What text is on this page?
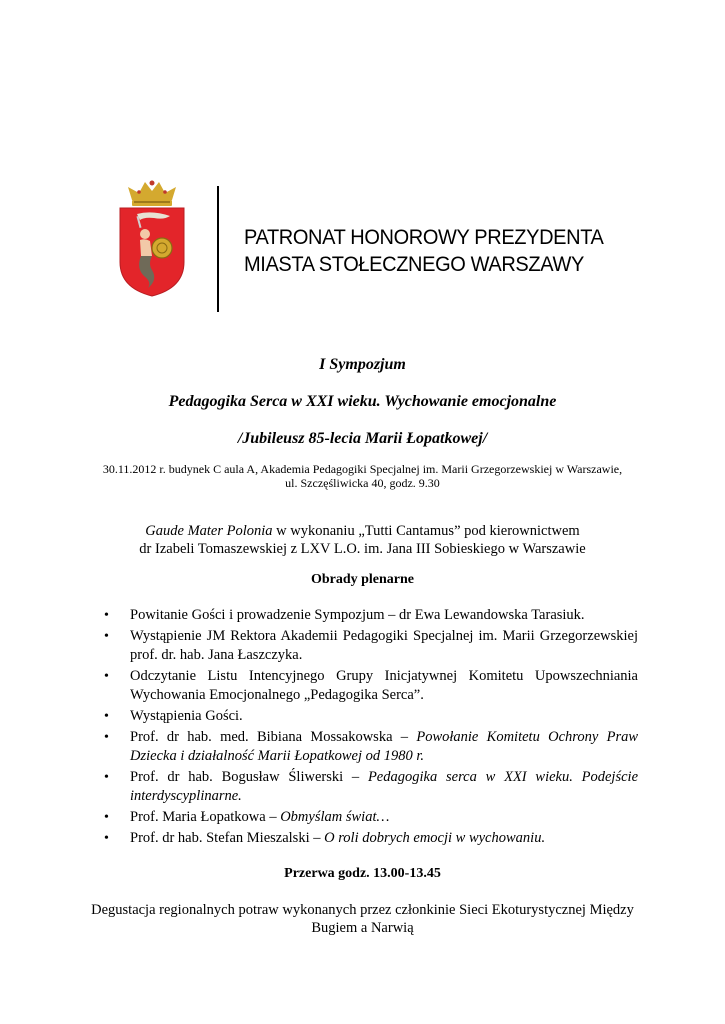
PATRONAT HONOROWY PREZYDENTA
MIASTA STOŁECZNEGO WARSZAWY
I Sympozjum
Pedagogika Serca w XXI wieku. Wychowanie emocjonalne
/Jubileusz 85-lecia Marii Łopatkowej/
30.11.2012 r. budynek C aula A, Akademia Pedagogiki Specjalnej im. Marii Grzegorzewskiej w Warszawie,
ul. Szczęśliwicka 40, godz. 9.30
Gaude Mater Polonia w wykonaniu „Tutti Cantamus” pod kierownictwem
dr Izabeli Tomaszewskiej z LXV L.O. im. Jana III Sobieskiego w Warszawie
Obrady plenarne
• Powitanie Gości i prowadzenie Sympozjum – dr Ewa Lewandowska Tarasiuk.
• Wystąpienie JM Rektora Akademii Pedagogiki Specjalnej im. Marii Grzegorzewskiej prof. dr. hab. Jana Łaszczyka.
• Odczytanie Listu Intencyjnego Grupy Inicjatywnej Komitetu Upowszechniania Wychowania Emocjonalnego „Pedagogika Serca”.
• Wystąpienia Gości.
• Prof. dr hab. med. Bibiana Mossakowska – Powołanie Komitetu Ochrony Praw Dziecka i działalność Marii Łopatkowej od 1980 r.
• Prof. dr hab. Bogusław Śliwerski – Pedagogika serca w XXI wieku. Podejście interdyscyplinarne.
• Prof. Maria Łopatkowa – Obmyślam świat…
• Prof. dr hab. Stefan Mieszalski – O roli dobrych emocji w wychowaniu.
Przerwa godz. 13.00-13.45
Degustacja regionalnych potraw wykonanych przez członkinie Sieci Ekoturystycznej Między
Bugiem a Narwią
